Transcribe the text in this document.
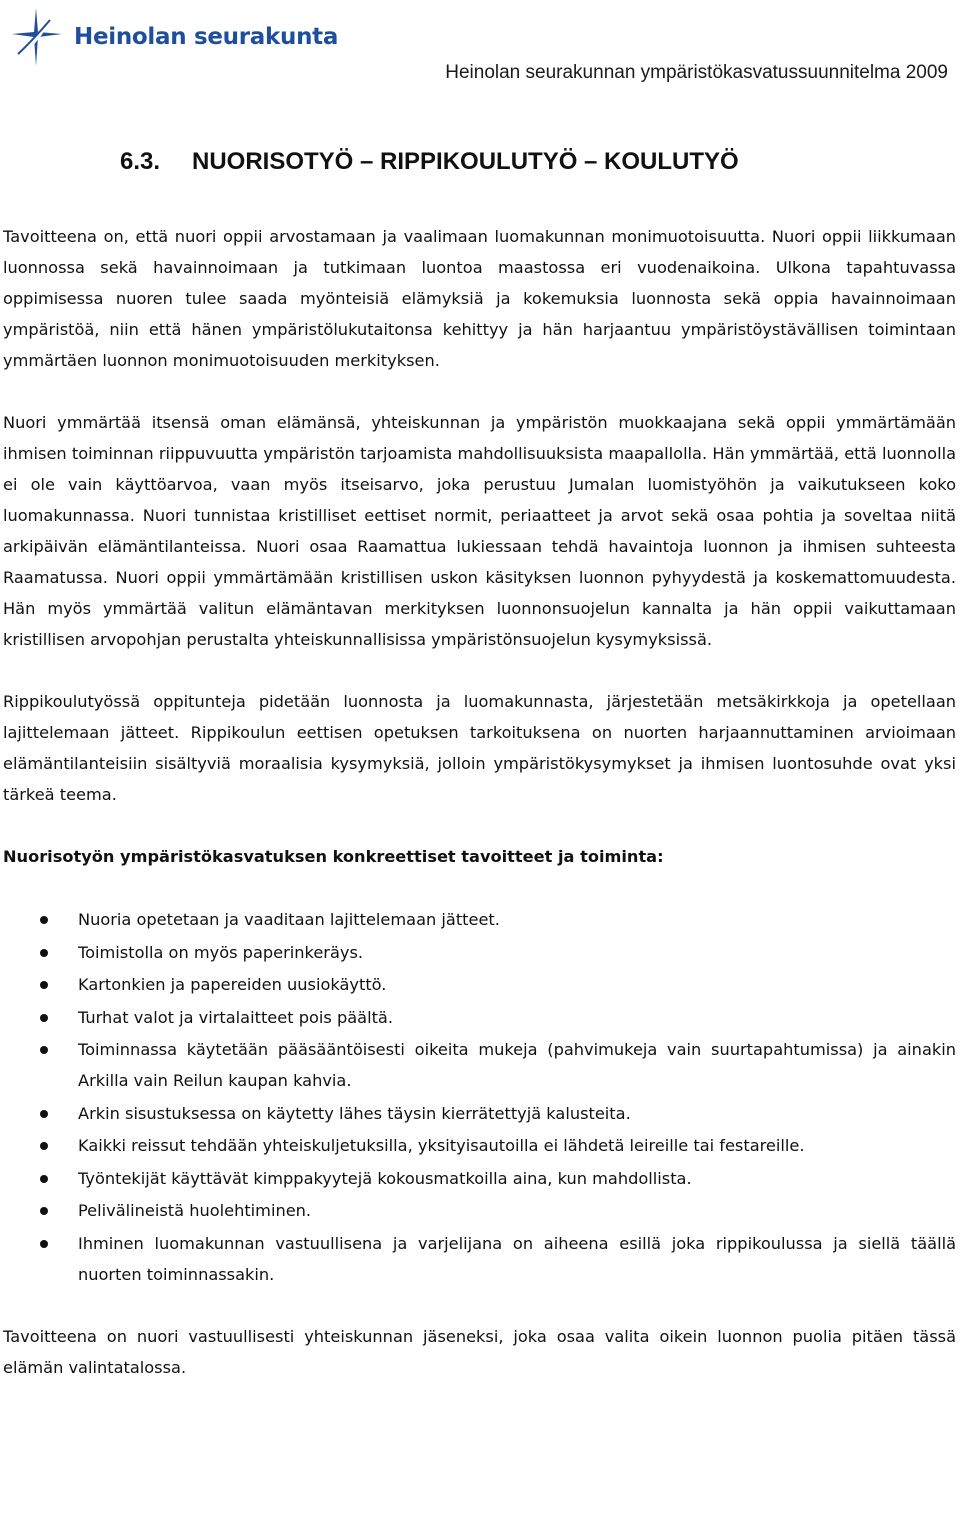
Heinolan seurakunta
Heinolan seurakunnan ympäristökasvatussuunnitelma 2009
6.3.	NUORISOTYÖ – RIPPIKOULUTYÖ – KOULUTYÖ

Tavoitteena on, että nuori oppii arvostamaan ja vaalimaan luomakunnan monimuotoisuutta. Nuori oppii liikkumaan luonnossa sekä havainnoimaan ja tutkimaan luontoa maastossa eri vuodenaikoina. Ulkona tapahtuvassa oppimisessa nuoren tulee saada myönteisiä elämyksiä ja kokemuksia luonnosta sekä oppia havainnoimaan ympäristöä, niin että hänen ympäristölukutaitonsa kehittyy ja hän harjaantuu ympäristöystävällisen toimintaan ymmärtäen luonnon monimuotoisuuden merkityksen.

Nuori ymmärtää itsensä oman elämänsä, yhteiskunnan ja ympäristön muokkaajana sekä oppii ymmärtämään ihmisen toiminnan riippuvuutta ympäristön tarjoamista mahdollisuuksista maapallolla. Hän ymmärtää, että luonnolla ei ole vain käyttöarvoa, vaan myös itseisarvo, joka perustuu Jumalan luomistyöhön ja vaikutukseen koko luomakunnassa. Nuori tunnistaa kristilliset eettiset normit, periaatteet ja arvot sekä osaa pohtia ja soveltaa niitä arkipäivän elämäntilanteissa. Nuori osaa Raamattua lukiessaan tehdä havaintoja luonnon ja ihmisen suhteesta Raamatussa. Nuori oppii ymmärtämään kristillisen uskon käsityksen luonnon pyhyydestä ja koskemattomuudesta. Hän myös ymmärtää valitun elämäntavan merkityksen luonnonsuojelun kannalta ja hän oppii vaikuttamaan kristillisen arvopohjan perustalta yhteiskunnallisissa ympäristönsuojelun kysymyksissä.

Rippikoulutyössä oppitunteja pidetään luonnosta ja luomakunnasta, järjestetään metsäkirkkoja ja opetellaan lajittelemaan jätteet. Rippikoulun eettisen opetuksen tarkoituksena on nuorten harjaannuttaminen arvioimaan elämäntilanteisiin sisältyviä moraalisia kysymyksiä, jolloin ympäristökysymykset ja ihmisen luontosuhde ovat yksi tärkeä teema.

Nuorisotyön ympäristökasvatuksen konkreettiset tavoitteet ja toiminta:
Nuoria opetetaan ja vaaditaan lajittelemaan jätteet.
Toimistolla on myös paperinkeräys.
Kartonkien ja papereiden uusiokäyttö.
Turhat valot ja virtalaitteet pois päältä.
Toiminnassa käytetään pääsääntöisesti oikeita mukeja (pahvimukeja vain suurtapahtumissa) ja ainakin Arkilla vain Reilun kaupan kahvia.
Arkin sisustuksessa on käytetty lähes täysin kierrätettyjä kalusteita.
Kaikki reissut tehdään yhteiskuljetuksilla, yksityisautoilla ei lähdetä leireille tai festareille.
Työntekijät käyttävät kimppakyytejä kokousmatkoilla aina, kun mahdollista.
Pelivälineistä huolehtiminen.
Ihminen luomakunnan vastuullisena ja varjelijana on aiheena esillä joka rippikoulussa ja siellä täällä nuorten toiminnassakin.

Tavoitteena on nuori vastuullisesti yhteiskunnan jäseneksi, joka osaa valita oikein luonnon puolia pitäen tässä elämän valintatalossa.
